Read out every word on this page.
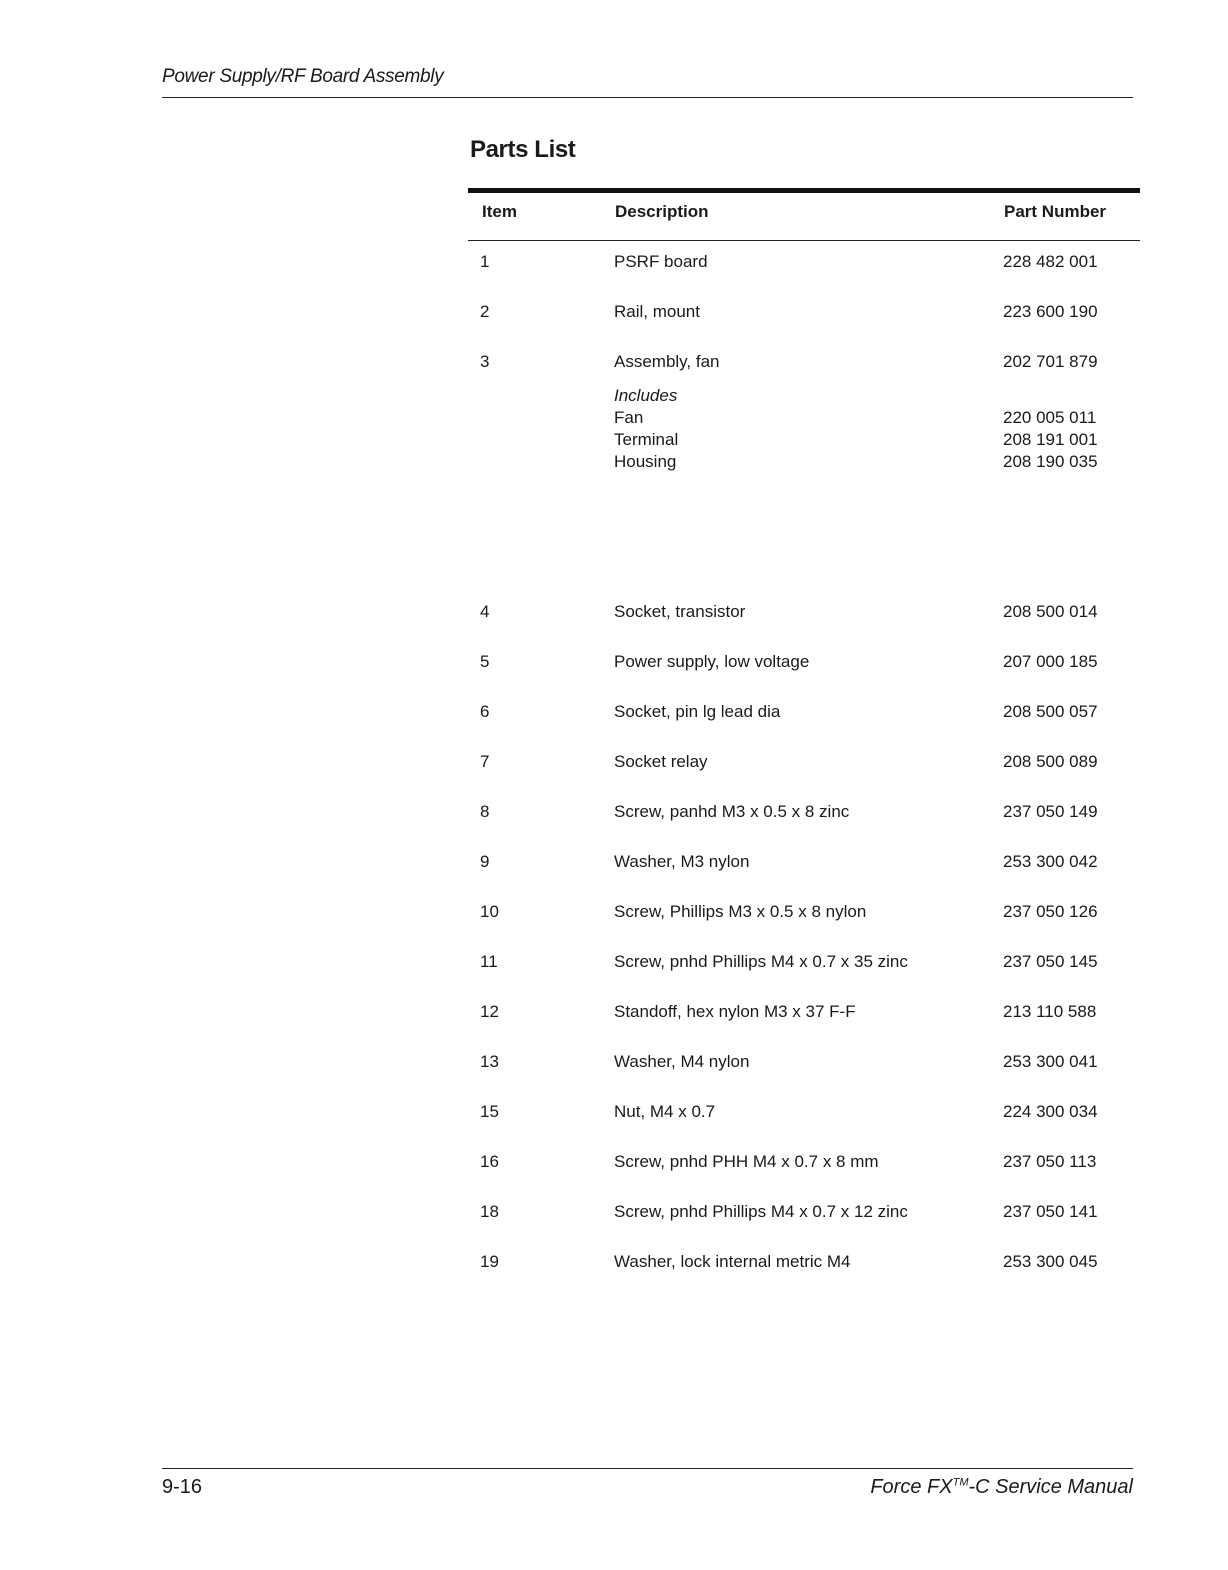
Power Supply/RF Board Assembly
Parts List
Item	Description	Part Number
1	PSRF board	228 482 001
2	Rail, mount	223 600 190
3	Assembly, fan	202 701 879
Includes
Fan	220 005 011
Terminal	208 191 001
Housing	208 190 035
4	Socket, transistor	208 500 014
5	Power supply, low voltage	207 000 185
6	Socket, pin lg lead dia	208 500 057
7	Socket relay	208 500 089
8	Screw, panhd M3 x 0.5 x 8 zinc	237 050 149
9	Washer, M3 nylon	253 300 042
10	Screw, Phillips M3 x 0.5 x 8 nylon	237 050 126
11	Screw, pnhd Phillips M4 x 0.7 x 35 zinc	237 050 145
12	Standoff, hex nylon M3 x 37 F-F	213 110 588
13	Washer, M4 nylon	253 300 041
15	Nut, M4 x 0.7	224 300 034
16	Screw, pnhd PHH M4 x 0.7 x 8 mm	237 050 113
18	Screw, pnhd Phillips M4 x 0.7 x 12 zinc	237 050 141
19	Washer, lock internal metric M4	253 300 045
9-16	Force FX™-C Service Manual
